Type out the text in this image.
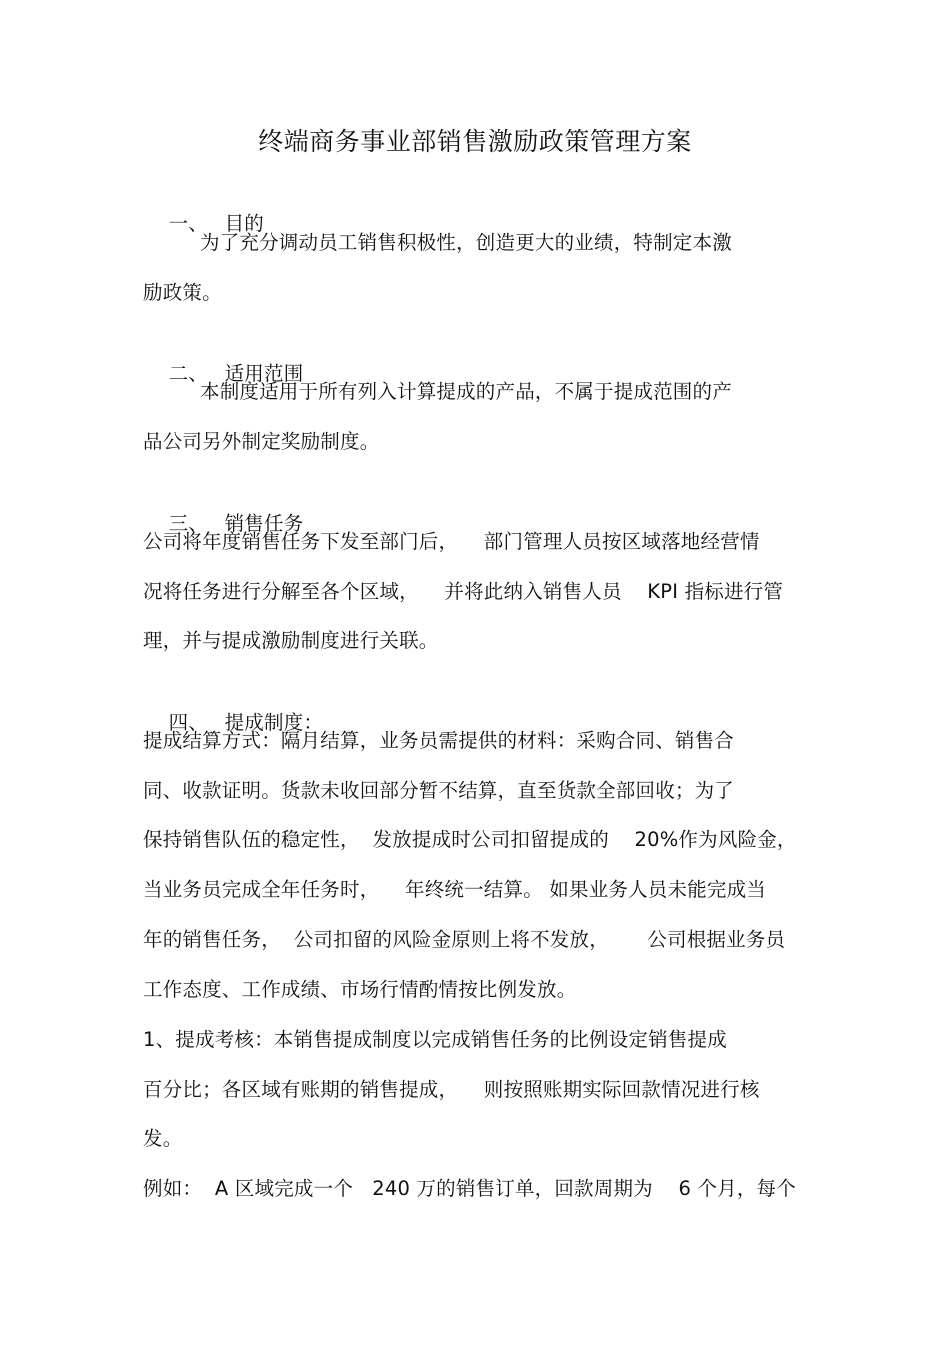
终端商务事业部销售激励政策管理方案

一、 目的

为了充分调动员工销售积极性，创造更大的业绩，特制定本激
励政策。

二、 适用范围

本制度适用于所有列入计算提成的产品，不属于提成范围的产
品公司另外制定奖励制度。

三、 销售任务

公司将年度销售任务下发至部门后，    部门管理人员按区域落地经营情
况将任务进行分解至各个区域，    并将此纳入销售人员    KPI 指标进行管
理，并与提成激励制度进行关联。

四、 提成制度：

提成结算方式：隔月结算，业务员需提供的材料：采购合同、销售合
同、收款证明。货款未收回部分暂不结算，直至货款全部回收；为了
保持销售队伍的稳定性，  发放提成时公司扣留提成的    20%作为风险金，
当业务员完成全年任务时，    年终统一结算。 如果业务人员未能完成当
年的销售任务，  公司扣留的风险金原则上将不发放，      公司根据业务员
工作态度、工作成绩、市场行情酌情按比例发放。
1、提成考核：本销售提成制度以完成销售任务的比例设定销售提成
百分比；各区域有账期的销售提成，    则按照账期实际回款情况进行核
发。
例如：  A 区域完成一个   240 万的销售订单，回款周期为    6 个月，每个
